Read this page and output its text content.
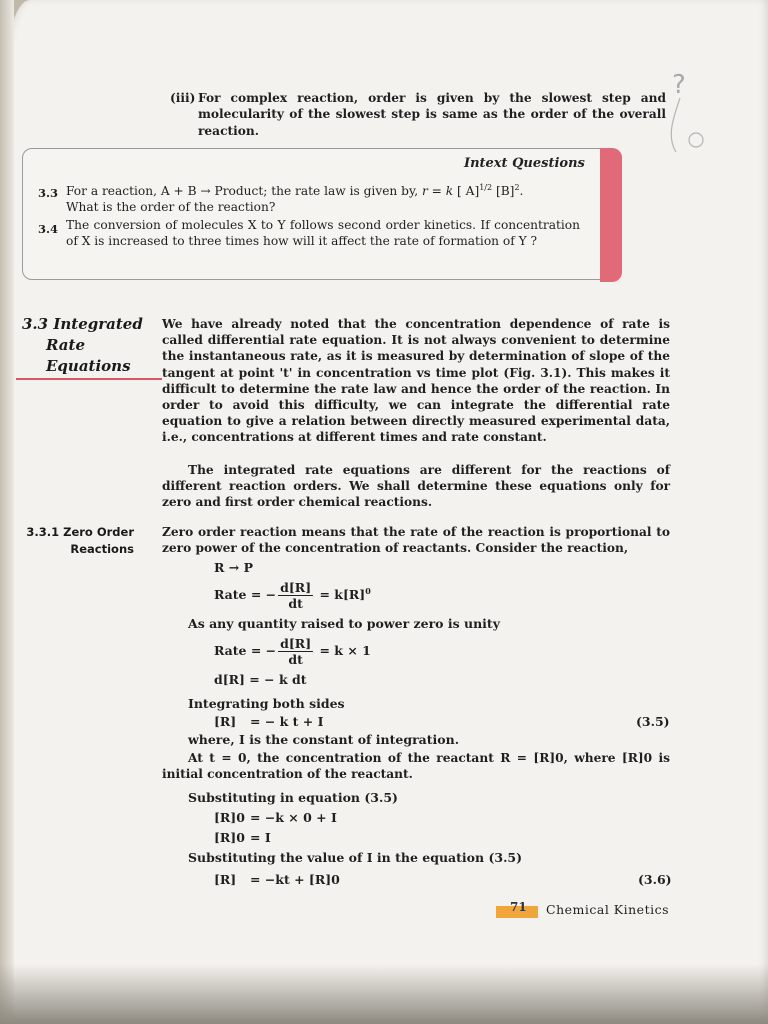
(iii) For complex reaction, order is given by the slowest step and molecularity of the slowest step is same as the order of the overall reaction.
?
Intext Questions
3.3 For a reaction, A + B → Product; the rate law is given by, r = k [ A]$^{1/2}$ $[B]^2$.
What is the order of the reaction?
3.4 The conversion of molecules X to Y follows second order kinetics. If concentration of X is increased to three times how will it affect the rate of formation of Y ?
3.3 Integrated
Rate
Equations
We have already noted that the concentration dependence of rate is called differential rate equation. It is not always convenient to determine the instantaneous rate, as it is measured by determination of slope of the tangent at point 't' in concentration vs time plot (Fig. 3.1). This makes it difficult to determine the rate law and hence the order of the reaction. In order to avoid this difficulty, we can integrate the differential rate equation to give a relation between directly measured experimental data, i.e., concentrations at different times and rate constant.
The integrated rate equations are different for the reactions of different reaction orders. We shall determine these equations only for zero and first order chemical reactions.
3.3.1 Zero Order
Reactions
Zero order reaction means that the rate of the reaction is proportional to zero power of the concentration of reactants. Consider the reaction,
R → P
Rate = − $\frac{d[R]}{dt} = k[R]^0$
As any quantity raised to power zero is unity
Rate = − $\frac{d[R]}{dt} = k \times 1$
d[R] = − k dt
Integrating both sides
[R] = − k t + I	(3.5)
where, I is the constant of integration.
At t = 0, the concentration of the reactant R = [R]0, where [R]0 is initial concentration of the reactant.
Substituting in equation (3.5)
[R]0 = −k × 0 + I
[R]0 = I
Substituting the value of I in the equation (3.5)
[R] = −kt + [R]0	(3.6)
71 Chemical Kinetics
